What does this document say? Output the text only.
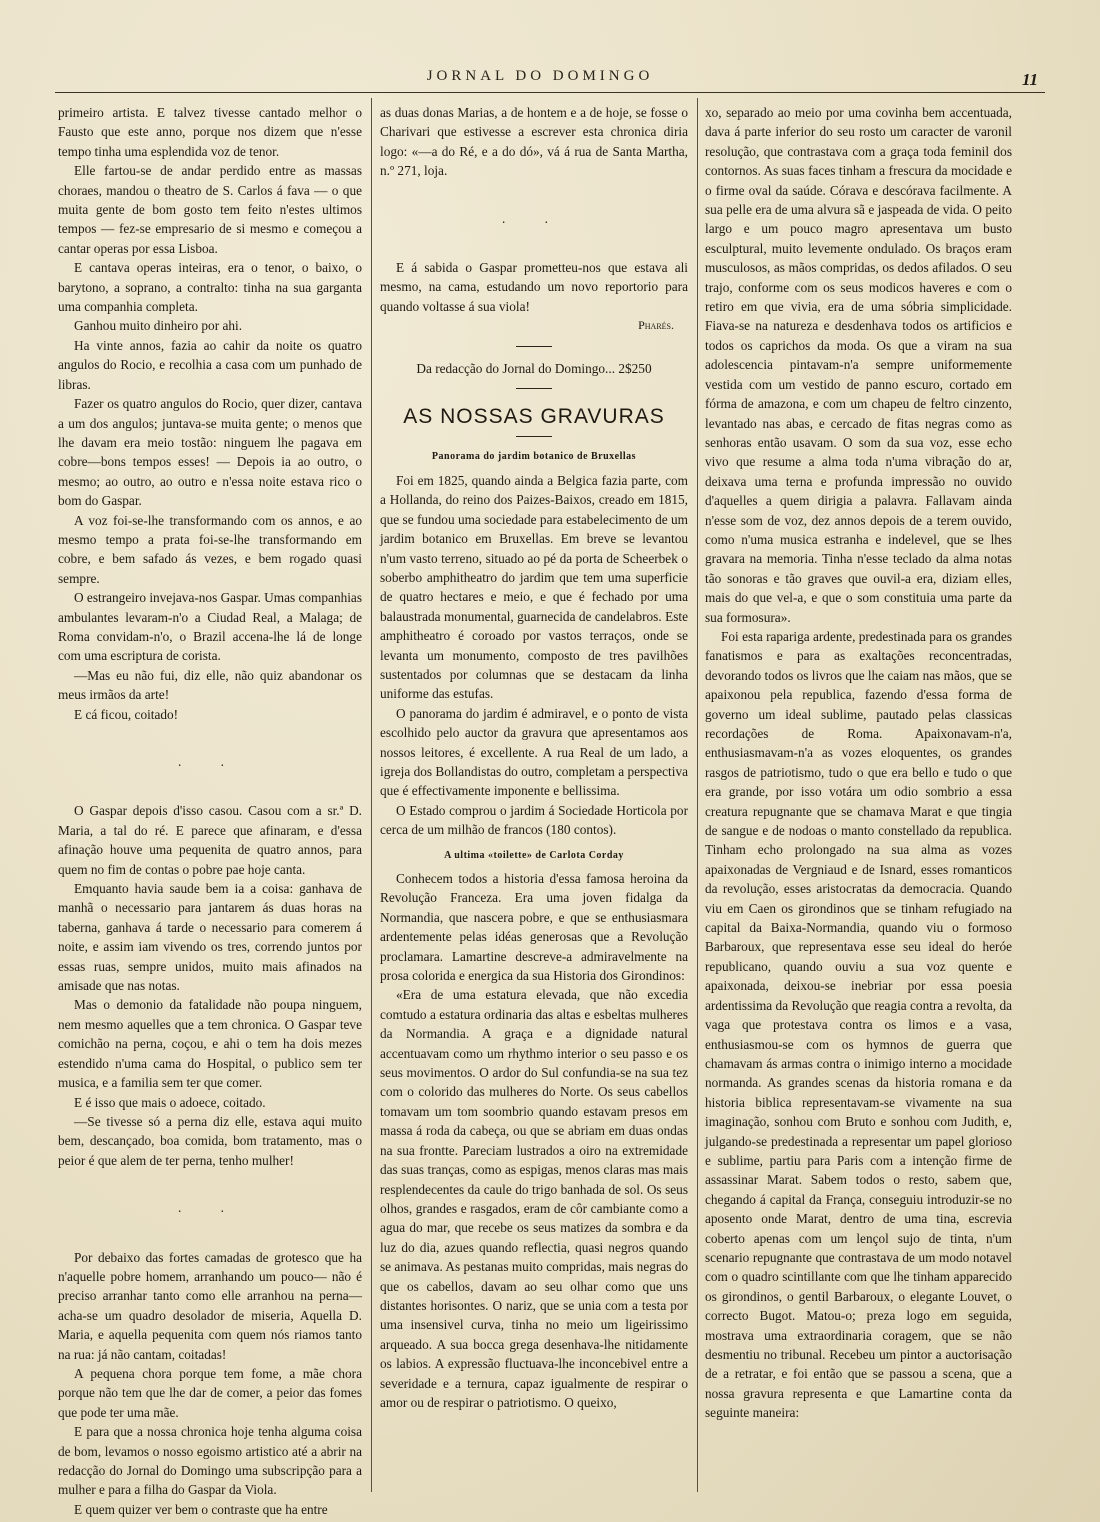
JORNAL DO DOMINGO	11

primeiro artista. E talvez tivesse cantado melhor o Fausto que este anno, porque nos dizem que n'esse tempo tinha uma esplendida voz de tenor.

Elle fartou-se de andar perdido entre as massas choraes, mandou o theatro de S. Carlos á fava — o que muita gente de bom gosto tem feito n'estes ultimos tempos — fez-se empresario de si mesmo e começou a cantar operas por essa Lisboa.

E cantava operas inteiras, era o tenor, o baixo, o barytono, a soprano, a contralto: tinha na sua garganta uma companhia completa.

Ganhou muito dinheiro por ahi.

Ha vinte annos, fazia ao cahir da noite os quatro angulos do Rocio, e recolhia a casa com um punhado de libras.

Fazer os quatro angulos do Rocio, quer dizer, cantava a um dos angulos; juntava-se muita gente; o menos que lhe davam era meio tostão: ninguem lhe pagava em cobre—bons tempos esses! — Depois ia ao outro, o mesmo; ao outro, ao outro e n'essa noite estava rico o bom do Gaspar.

A voz foi-se-lhe transformando com os annos, e ao mesmo tempo a prata foi-se-lhe transformando em cobre, e bem safado ás vezes, e bem rogado quasi sempre.

O estrangeiro invejava-nos Gaspar. Umas companhias ambulantes levaram-n'o a Ciudad Real, a Malaga; de Roma convidam-n'o, o Brazil accena-lhe lá de longe com uma escriptura de corista.

—Mas eu não fui, diz elle, não quiz abandonar os meus irmãos da arte!

E cá ficou, coitado!

. .

O Gaspar depois d'isso casou. Casou com a sr.ª D. Maria, a tal do ré. E parece que afinaram, e d'essa afinação houve uma pequenita de quatro annos, para quem no fim de contas o pobre pae hoje canta.

Emquanto havia saude bem ia a coisa: ganhava de manhã o necessario para jantarem ás duas horas na taberna, ganhava á tarde o necessario para comerem á noite, e assim iam vivendo os tres, correndo juntos por essas ruas, sempre unidos, muito mais afinados na amisade que nas notas.

Mas o demonio da fatalidade não poupa ninguem, nem mesmo aquelles que a tem chronica. O Gaspar teve comichão na perna, coçou, e ahi o tem ha dois mezes estendido n'uma cama do Hospital, o publico sem ter musica, e a familia sem ter que comer.

E é isso que mais o adoece, coitado.

—Se tivesse só a perna diz elle, estava aqui muito bem, descançado, boa comida, bom tratamento, mas o peior é que alem de ter perna, tenho mulher!

. .

Por debaixo das fortes camadas de grotesco que ha n'aquelle pobre homem, arranhando um pouco— não é preciso arranhar tanto como elle arranhou na perna—acha-se um quadro desolador de miseria, Aquella D. Maria, e aquella pequenita com quem nós riamos tanto na rua: já não cantam, coitadas!

A pequena chora porque tem fome, a mãe chora porque não tem que lhe dar de comer, a peior das fomes que pode ter uma mãe.

E para que a nossa chronica hoje tenha alguma coisa de bom, levamos o nosso egoismo artistico até a abrir na redacção do Jornal do Domingo uma subscripção para a mulher e para a filha do Gaspar da Viola.

E quem quizer ver bem o contraste que ha entre

as duas donas Marias, a de hontem e a de hoje, se fosse o Charivari que estivesse a escrever esta chronica diria logo: «—a do Ré, e a do dó», vá á rua de Santa Martha, n.º 271, loja.

. .

E á sabida o Gaspar prometteu-nos que estava ali mesmo, na cama, estudando um novo reportorio para quando voltasse á sua viola!

Pharés.
Da redacção do Jornal do Domingo... 2$250
AS NOSSAS GRAVURAS
Panorama do jardim botanico de Bruxellas

Foi em 1825, quando ainda a Belgica fazia parte, com a Hollanda, do reino dos Paizes-Baixos, creado em 1815, que se fundou uma sociedade para estabelecimento de um jardim botanico em Bruxellas. Em breve se levantou n'um vasto terreno, situado ao pé da porta de Scheerbek o soberbo amphitheatro do jardim que tem uma superficie de quatro hectares e meio, e que é fechado por uma balaustrada monumental, guarnecida de candelabros. Este amphitheatro é coroado por vastos terraços, onde se levanta um monumento, composto de tres pavilhões sustentados por columnas que se destacam da linha uniforme das estufas.

O panorama do jardim é admiravel, e o ponto de vista escolhido pelo auctor da gravura que apresentamos aos nossos leitores, é excellente. A rua Real de um lado, a igreja dos Bollandistas do outro, completam a perspectiva que é effectivamente imponente e bellissima.

O Estado comprou o jardim á Sociedade Horticola por cerca de um milhão de francos (180 contos).

A ultima «toilette» de Carlota Corday

Conhecem todos a historia d'essa famosa heroina da Revolução Franceza. Era uma joven fidalga da Normandia, que nascera pobre, e que se enthusiasmara ardentemente pelas idéas generosas que a Revolução proclamara. Lamartine descreve-a admiravelmente na prosa colorida e energica da sua Historia dos Girondinos:

«Era de uma estatura elevada, que não excedia comtudo a estatura ordinaria das altas e esbeltas mulheres da Normandia. A graça e a dignidade natural accentuavam como um rhythmo interior o seu passo e os seus movimentos. O ardor do Sul confundia-se na sua tez com o colorido das mulheres do Norte. Os seus cabellos tomavam um tom soombrio quando estavam presos em massa á roda da cabeça, ou que se abriam em duas ondas na sua frontte. Pareciam lustrados a oiro na extremidade das suas tranças, como as espigas, menos claras mas mais resplendecentes da caule do trigo banhada de sol. Os seus olhos, grandes e rasgados, eram de côr cambiante como a agua do mar, que recebe os seus matizes da sombra e da luz do dia, azues quando reflectia, quasi negros quando se animava. As pestanas muito compridas, mais negras do que os cabellos, davam ao seu olhar como que uns distantes horisontes. O nariz, que se unia com a testa por uma insensivel curva, tinha no meio um ligeirissimo arqueado. A sua bocca grega desenhava-lhe nitidamente os labios. A expressão fluctuava-lhe inconcebivel entre a severidade e a ternura, capaz igualmente de respirar o amor ou de respirar o patriotismo. O queixo,

xo, separado ao meio por uma covinha bem accentuada, dava á parte inferior do seu rosto um caracter de varonil resolução, que contrastava com a graça toda feminil dos contornos. As suas faces tinham a frescura da mocidade e o firme oval da saúde. Córava e descórava facilmente. A sua pelle era de uma alvura sã e jaspeada de vida. O peito largo e um pouco magro apresentava um busto esculptural, muito levemente ondulado. Os braços eram musculosos, as mãos compridas, os dedos afilados. O seu trajo, conforme com os seus modicos haveres e com o retiro em que vivia, era de uma sóbria simplicidade. Fiava-se na natureza e desdenhava todos os artificios e todos os caprichos da moda. Os que a viram na sua adolescencia pintavam-n'a sempre uniformemente vestida com um vestido de panno escuro, cortado em fórma de amazona, e com um chapeu de feltro cinzento, levantado nas abas, e cercado de fitas negras como as senhoras então usavam. O som da sua voz, esse echo vivo que resume a alma toda n'uma vibração do ar, deixava uma terna e profunda impressão no ouvido d'aquelles a quem dirigia a palavra. Fallavam ainda n'esse som de voz, dez annos depois de a terem ouvido, como n'uma musica estranha e indelevel, que se lhes gravara na memoria. Tinha n'esse teclado da alma notas tão sonoras e tão graves que ouvil-a era, diziam elles, mais do que vel-a, e que o som constituia uma parte da sua formosura».

Foi esta rapariga ardente, predestinada para os grandes fanatismos e para as exaltações reconcentradas, devorando todos os livros que lhe caiam nas mãos, que se apaixonou pela republica, fazendo d'essa forma de governo um ideal sublime, pautado pelas classicas recordações de Roma. Apaixonavam-n'a, enthusiasmavam-n'a as vozes eloquentes, os grandes rasgos de patriotismo, tudo o que era bello e tudo o que era grande, por isso votára um odio sombrio a essa creatura repugnante que se chamava Marat e que tingia de sangue e de nodoas o manto constellado da republica. Tinham echo prolongado na sua alma as vozes apaixonadas de Vergniaud e de Isnard, esses romanticos da revolução, esses aristocratas da democracia. Quando viu em Caen os girondinos que se tinham refugiado na capital da Baixa-Normandia, quando viu o formoso Barbaroux, que representava esse seu ideal do heróe republicano, quando ouviu a sua voz quente e apaixonada, deixou-se inebriar por essa poesia ardentissima da Revolução que reagia contra a revolta, da vaga que protestava contra os limos e a vasa, enthusiasmou-se com os hymnos de guerra que chamavam ás armas contra o inimigo interno a mocidade normanda. As grandes scenas da historia romana e da historia biblica representavam-se vivamente na sua imaginação, sonhou com Bruto e sonhou com Judith, e, julgando-se predestinada a representar um papel glorioso e sublime, partiu para Paris com a intenção firme de assassinar Marat. Sabem todos o resto, sabem que, chegando á capital da França, conseguiu introduzir-se no aposento onde Marat, dentro de uma tina, escrevia coberto apenas com um lençol sujo de tinta, n'um scenario repugnante que contrastava de um modo notavel com o quadro scintillante com que lhe tinham apparecido os girondinos, o gentil Barbaroux, o elegante Louvet, o correcto Bugot. Matou-o; preza logo em seguida, mostrava uma extraordinaria coragem, que se não desmentiu no tribunal. Recebeu um pintor a auctorisação de a retratar, e foi então que se passou a scena, que a nossa gravura representa e que Lamartine conta da seguinte maneira:
